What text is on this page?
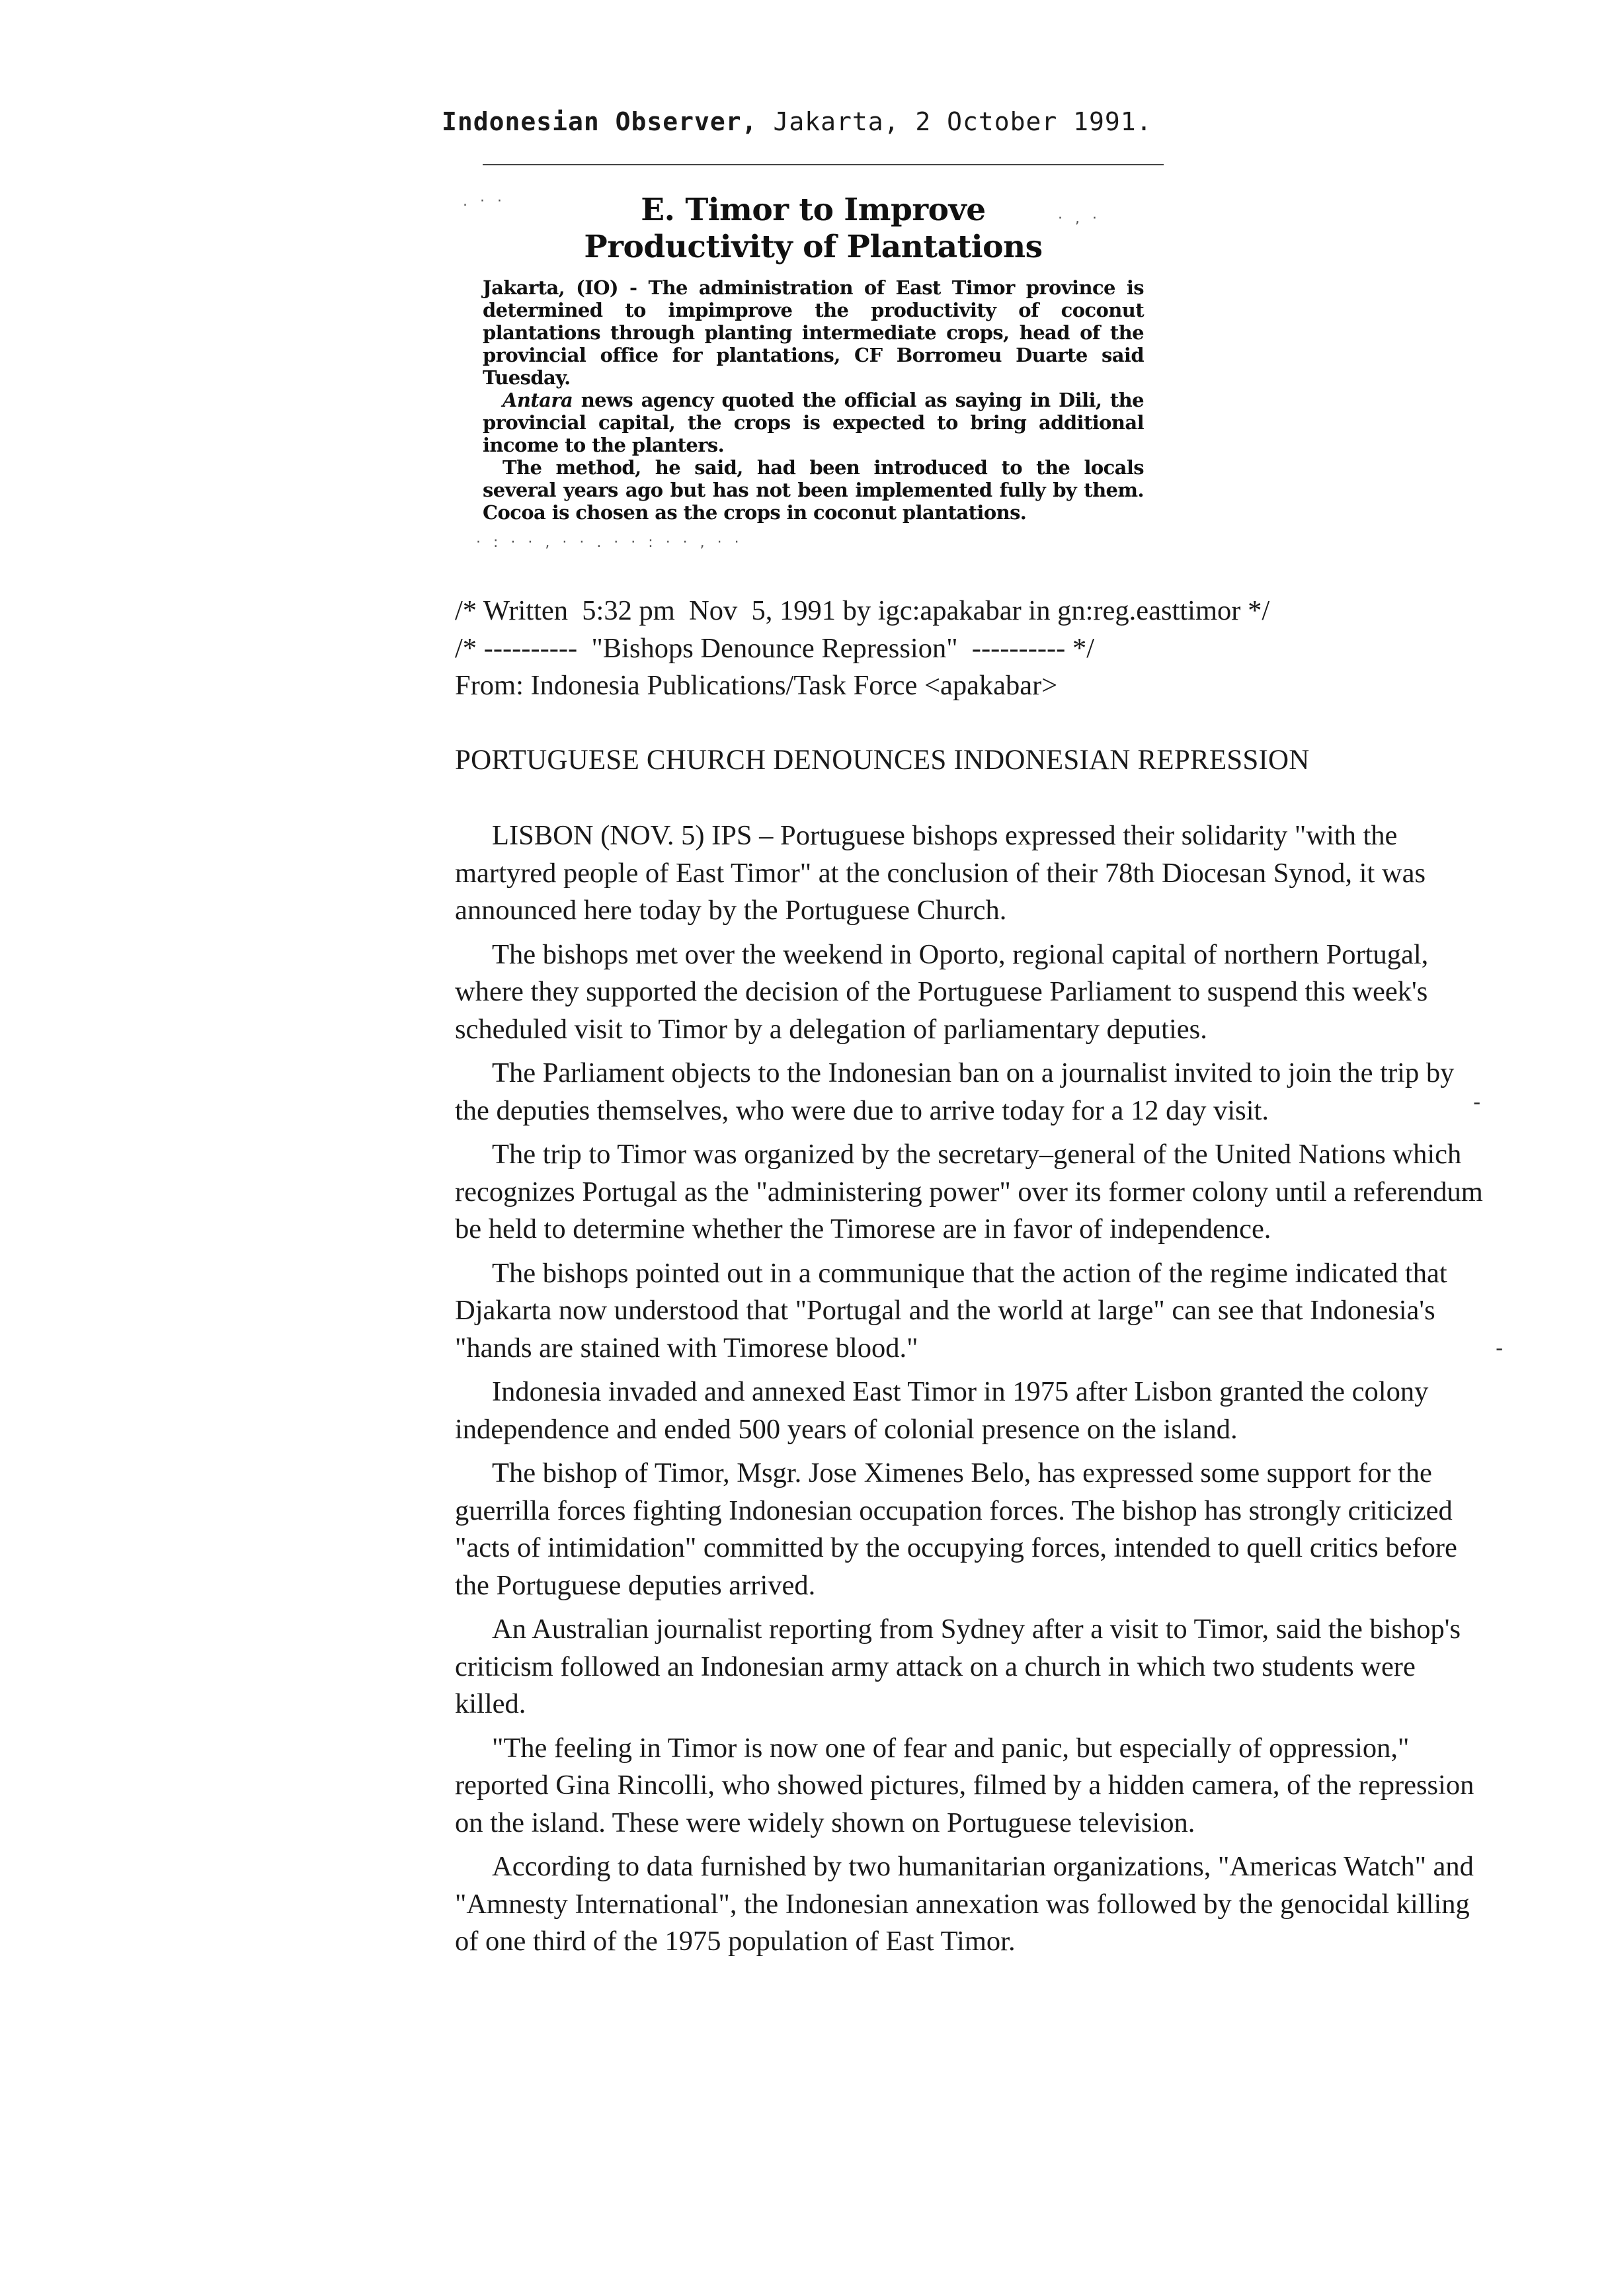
Indonesian Observer, Jakarta, 2 October 1991.
. · ·
· , ·
E. Timor to Improve
Productivity of Plantations

Jakarta, (IO) - The administration of East Timor province is determined to impimprove the productivity of coconut plantations through planting intermediate crops, head of the provincial office for plantations, CF Borromeu Duarte said Tuesday.

Antara news agency quoted the official as saying in Dili, the provincial capital, the crops is expected to bring additional income to the planters.

The method, he said, had been introduced to the locals several years ago but has not been implemented fully by them. Cocoa is chosen as the crops in coconut plantations.

· : · · , · · . · · : · · , · ·

/* Written  5:32 pm  Nov  5, 1991 by igc:apakabar in gn:reg.easttimor */

/* ----------  "Bishops Denounce Repression"  ---------- */

From: Indonesia Publications/Task Force <apakabar>

PORTUGUESE CHURCH DENOUNCES INDONESIAN REPRESSION

LISBON (NOV. 5) IPS – Portuguese bishops expressed their solidarity "with the martyred people of East Timor" at the conclusion of their 78th Diocesan Synod, it was announced here today by the Portuguese Church.

The bishops met over the weekend in Oporto, regional capital of northern Portugal, where they supported the decision of the Portuguese Parliament to suspend this week's scheduled visit to Timor by a delegation of parliamentary deputies.

The Parliament objects to the Indonesian ban on a journalist invited to join the trip by the deputies themselves, who were due to arrive today for a 12 day visit.

The trip to Timor was organized by the secretary–general of the United Nations which recognizes Portugal as the "administering power" over its former colony until a referendum be held to determine whether the Timorese are in favor of independence.

The bishops pointed out in a communique that the action of the regime indicated that Djakarta now understood that "Portugal and the world at large" can see that Indonesia's "hands are stained with Timorese blood."

Indonesia invaded and annexed East Timor in 1975 after Lisbon granted the colony independence and ended 500 years of colonial presence on the island.

The bishop of Timor, Msgr. Jose Ximenes Belo, has expressed some support for the guerrilla forces fighting Indonesian occupation forces. The bishop has strongly criticized "acts of intimidation" committed by the occupying forces, intended to quell critics before the Portuguese deputies arrived.

An Australian journalist reporting from Sydney after a visit to Timor, said the bishop's criticism followed an Indonesian army attack on a church in which two students were killed.

"The feeling in Timor is now one of fear and panic, but especially of oppression," reported Gina Rincolli, who showed pictures, filmed by a hidden camera, of the repression on the island. These were widely shown on Portuguese television.

According to data furnished by two humanitarian organizations, "Americas Watch" and "Amnesty International", the Indonesian annexation was followed by the genocidal killing of one third of the 1975 population of East Timor.

-
-
